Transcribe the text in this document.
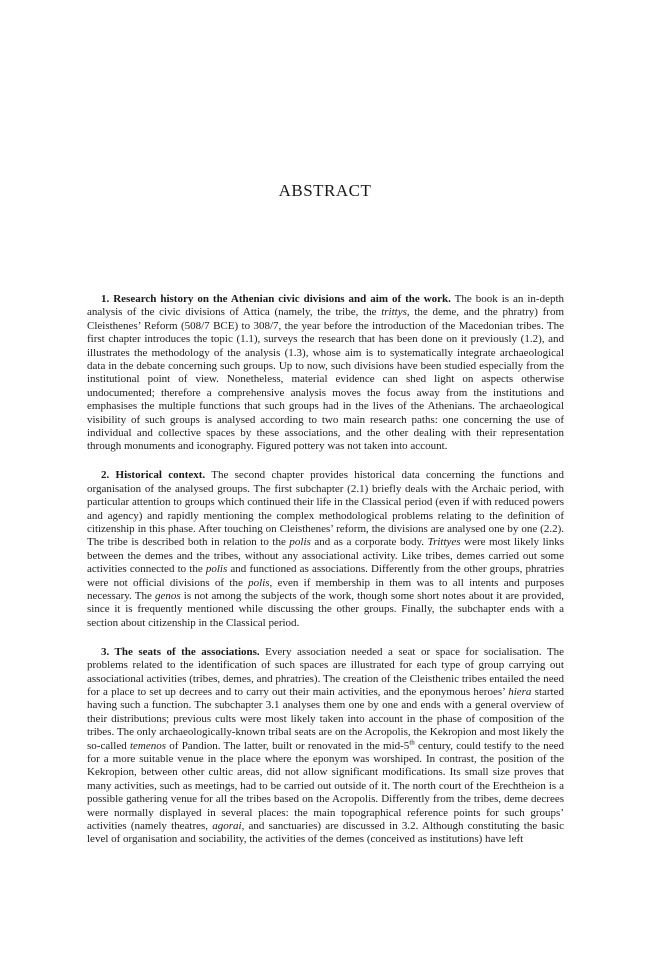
ABSTRACT

1. Research history on the Athenian civic divisions and aim of the work. The book is an in-depth analysis of the civic divisions of Attica (namely, the tribe, the trittys, the deme, and the phratry) from Cleisthenes’ Reform (508/7 BCE) to 308/7, the year before the introduction of the Macedonian tribes. The first chapter introduces the topic (1.1), surveys the research that has been done on it previously (1.2), and illustrates the methodology of the analysis (1.3), whose aim is to systematically integrate archaeological data in the debate concerning such groups. Up to now, such divisions have been studied especially from the institutional point of view. Nonetheless, material evidence can shed light on aspects otherwise undocumented; therefore a comprehensive analysis moves the focus away from the institutions and emphasises the multiple functions that such groups had in the lives of the Athenians. The archaeological visibility of such groups is analysed according to two main research paths: one concerning the use of individual and collective spaces by these associations, and the other dealing with their representation through monuments and iconography. Figured pottery was not taken into account.

2. Historical context. The second chapter provides historical data concerning the functions and organisation of the analysed groups. The first subchapter (2.1) briefly deals with the Archaic period, with particular attention to groups which continued their life in the Classical period (even if with reduced powers and agency) and rapidly mentioning the complex methodological problems relating to the definition of citizenship in this phase. After touching on Cleisthenes’ reform, the divisions are analysed one by one (2.2). The tribe is described both in relation to the polis and as a corporate body. Trittyes were most likely links between the demes and the tribes, without any associational activity. Like tribes, demes carried out some activities connected to the polis and functioned as associations. Differently from the other groups, phratries were not official divisions of the polis, even if membership in them was to all intents and purposes necessary. The genos is not among the subjects of the work, though some short notes about it are provided, since it is frequently mentioned while discussing the other groups. Finally, the subchapter ends with a section about citizenship in the Classical period.

3. The seats of the associations. Every association needed a seat or space for socialisation. The problems related to the identification of such spaces are illustrated for each type of group carrying out associational activities (tribes, demes, and phratries). The creation of the Cleisthenic tribes entailed the need for a place to set up decrees and to carry out their main activities, and the eponymous heroes’ hiera started having such a function. The subchapter 3.1 analyses them one by one and ends with a general overview of their distributions; previous cults were most likely taken into account in the phase of composition of the tribes. The only archaeologically-known tribal seats are on the Acropolis, the Kekropion and most likely the so-called temenos of Pandion. The latter, built or renovated in the mid-5th century, could testify to the need for a more suitable venue in the place where the eponym was worshiped. In contrast, the position of the Kekropion, between other cultic areas, did not allow significant modifications. Its small size proves that many activities, such as meetings, had to be carried out outside of it. The north court of the Erechtheion is a possible gathering venue for all the tribes based on the Acropolis. Differently from the tribes, deme decrees were normally displayed in several places: the main topographical reference points for such groups’ activities (namely theatres, agorai, and sanctuaries) are discussed in 3.2. Although constituting the basic level of organisation and sociability, the activities of the demes (conceived as institutions) have left
